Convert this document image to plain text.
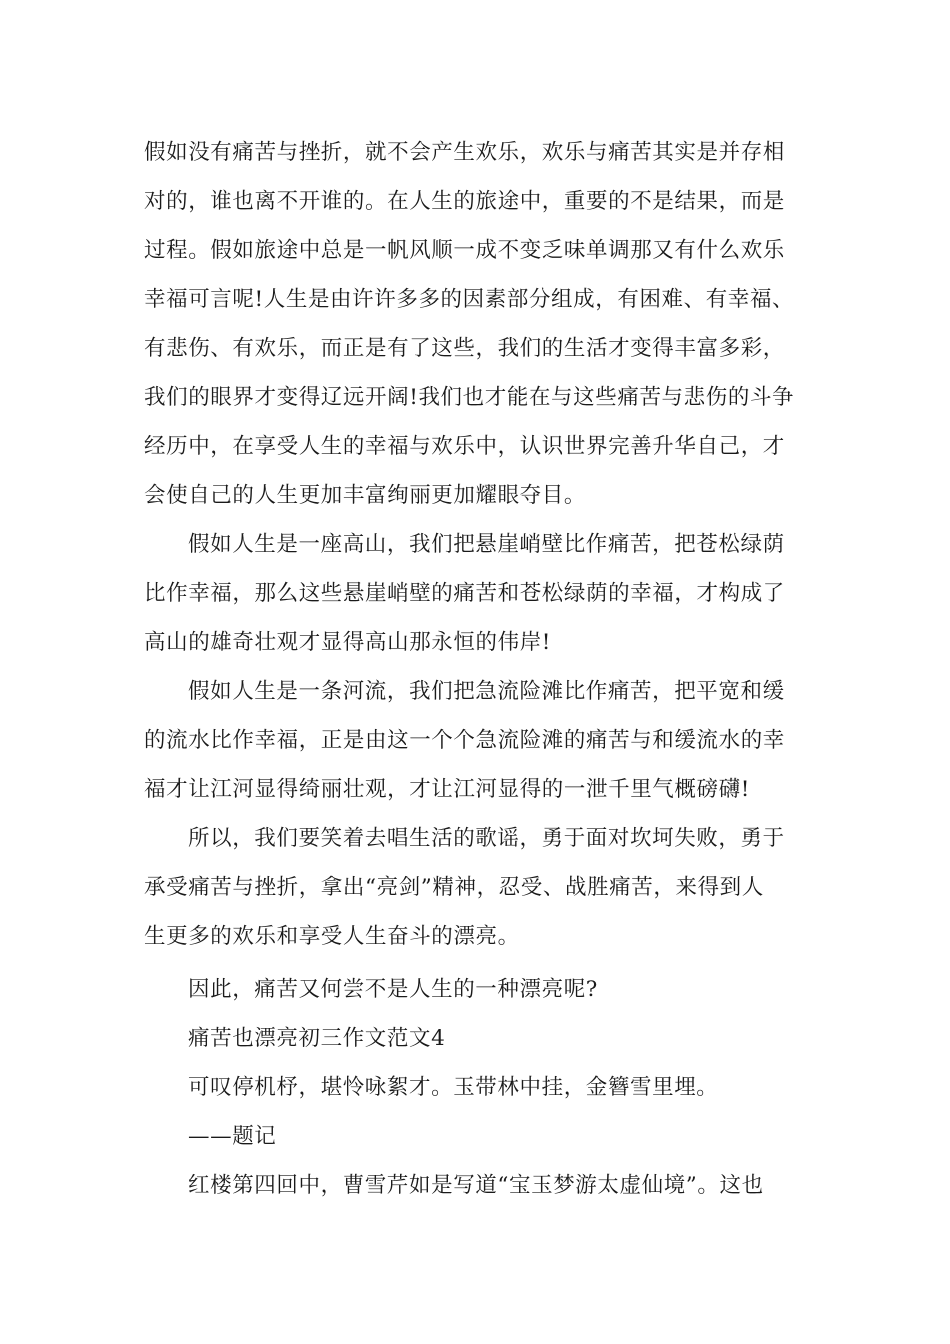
假如没有痛苦与挫折，就不会产生欢乐，欢乐与痛苦其实是并存相
对的，谁也离不开谁的。在人生的旅途中，重要的不是结果，而是
过程。假如旅途中总是一帆风顺一成不变乏味单调那又有什么欢乐
幸福可言呢!人生是由许许多多的因素部分组成，有困难、有幸福、
有悲伤、有欢乐，而正是有了这些，我们的生活才变得丰富多彩，
我们的眼界才变得辽远开阔!我们也才能在与这些痛苦与悲伤的斗争
经历中，在享受人生的幸福与欢乐中，认识世界完善升华自己，才
会使自己的人生更加丰富绚丽更加耀眼夺目。

假如人生是一座高山，我们把悬崖峭壁比作痛苦，把苍松绿荫
比作幸福，那么这些悬崖峭壁的痛苦和苍松绿荫的幸福，才构成了
高山的雄奇壮观才显得高山那永恒的伟岸!

假如人生是一条河流，我们把急流险滩比作痛苦，把平宽和缓
的流水比作幸福，正是由这一个个急流险滩的痛苦与和缓流水的幸
福才让江河显得绮丽壮观，才让江河显得的一泄千里气概磅礴!

所以，我们要笑着去唱生活的歌谣，勇于面对坎坷失败，勇于
承受痛苦与挫折，拿出“亮剑”精神，忍受、战胜痛苦，来得到人
生更多的欢乐和享受人生奋斗的漂亮。

因此，痛苦又何尝不是人生的一种漂亮呢?

痛苦也漂亮初三作文范文4

可叹停机杼，堪怜咏絮才。玉带林中挂，金簪雪里埋。

——题记

红楼第四回中，曹雪芹如是写道“宝玉梦游太虚仙境”。这也
